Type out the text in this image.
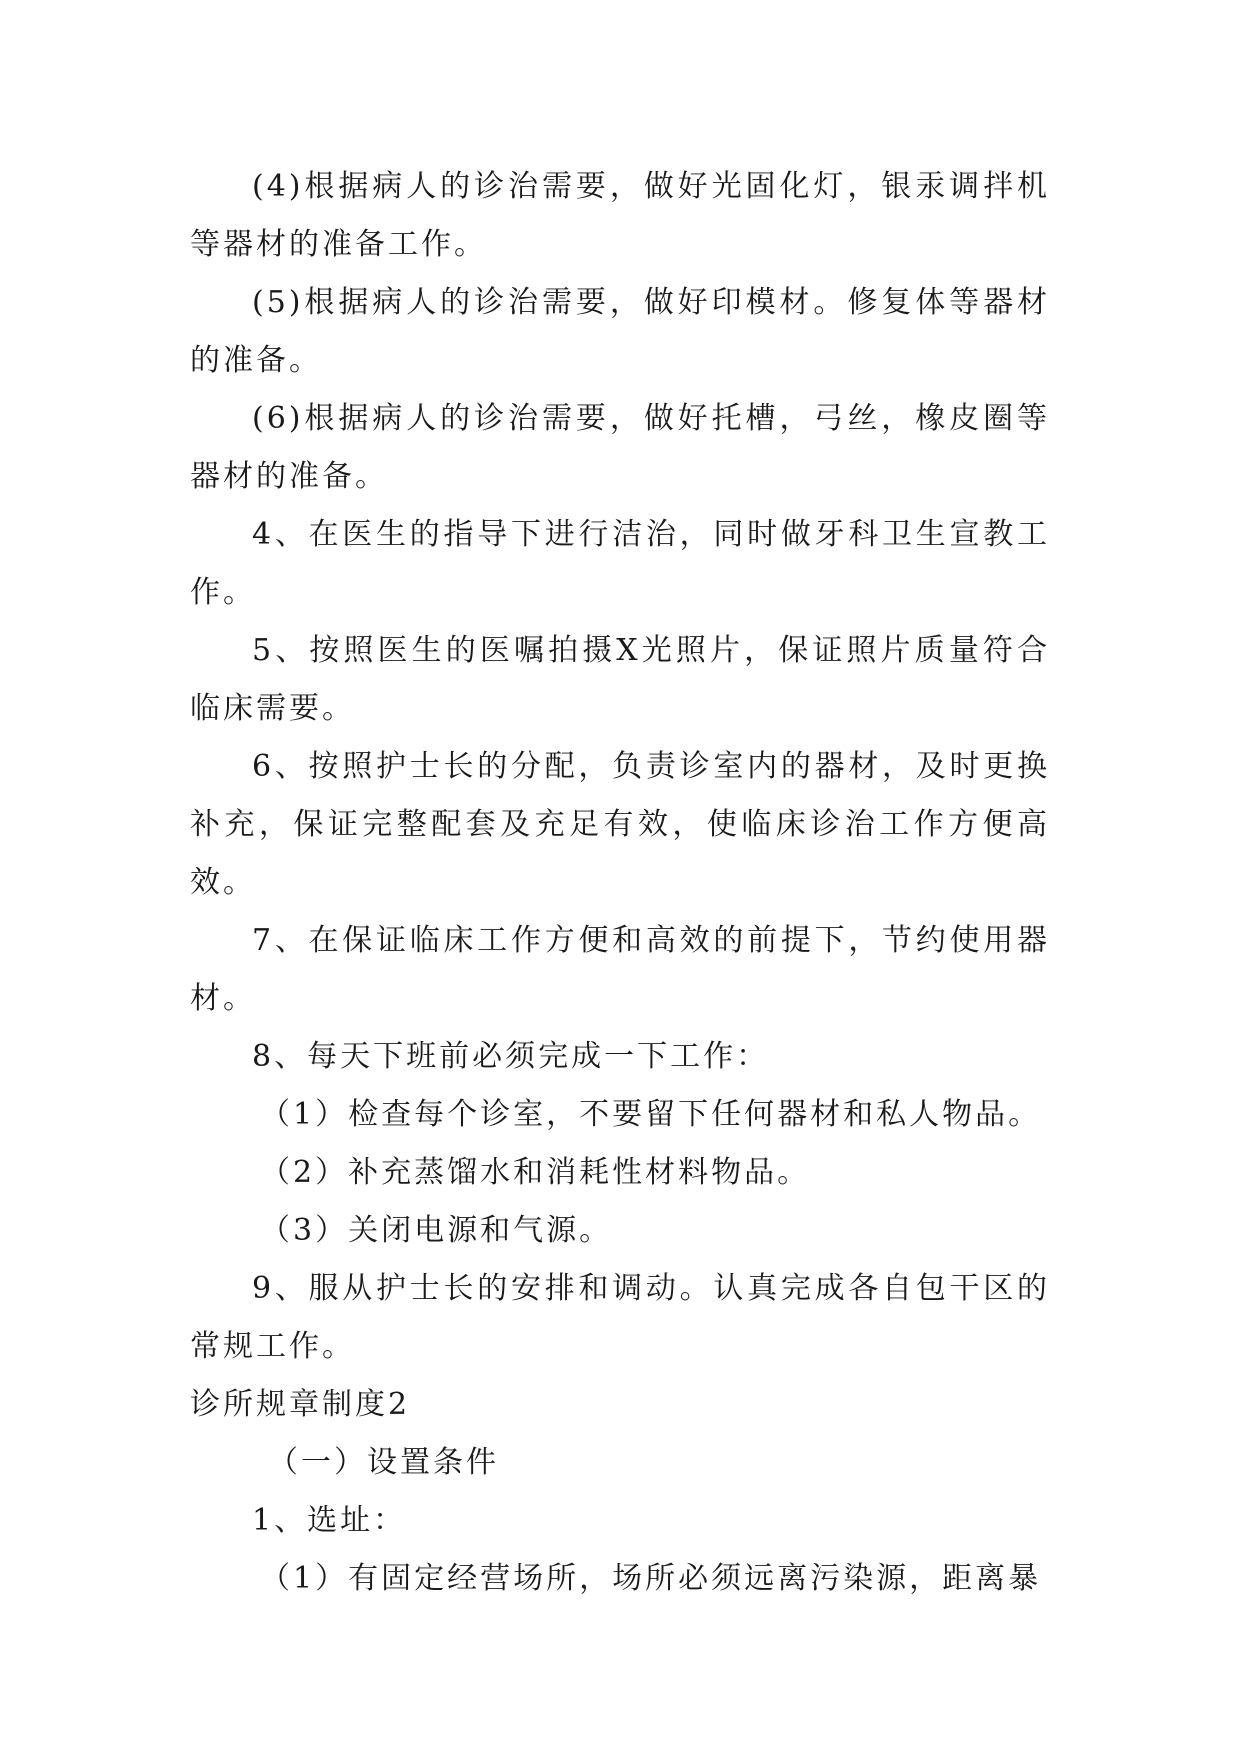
(4)根据病人的诊治需要，做好光固化灯，银汞调拌机等器材的准备工作。

(5)根据病人的诊治需要，做好印模材。修复体等器材的准备。

(6)根据病人的诊治需要，做好托槽，弓丝，橡皮圈等器材的准备。

4、在医生的指导下进行洁治，同时做牙科卫生宣教工作。

5、按照医生的医嘱拍摄X光照片，保证照片质量符合临床需要。

6、按照护士长的分配，负责诊室内的器材，及时更换补充，保证完整配套及充足有效，使临床诊治工作方便高效。

7、在保证临床工作方便和高效的前提下，节约使用器材。

8、每天下班前必须完成一下工作：

（1）检查每个诊室，不要留下任何器材和私人物品。

（2）补充蒸馏水和消耗性材料物品。

（3）关闭电源和气源。

9、服从护士长的安排和调动。认真完成各自包干区的常规工作。

诊所规章制度2

（一）设置条件

1、选址：

（1）有固定经营场所，场所必须远离污染源，距离暴
